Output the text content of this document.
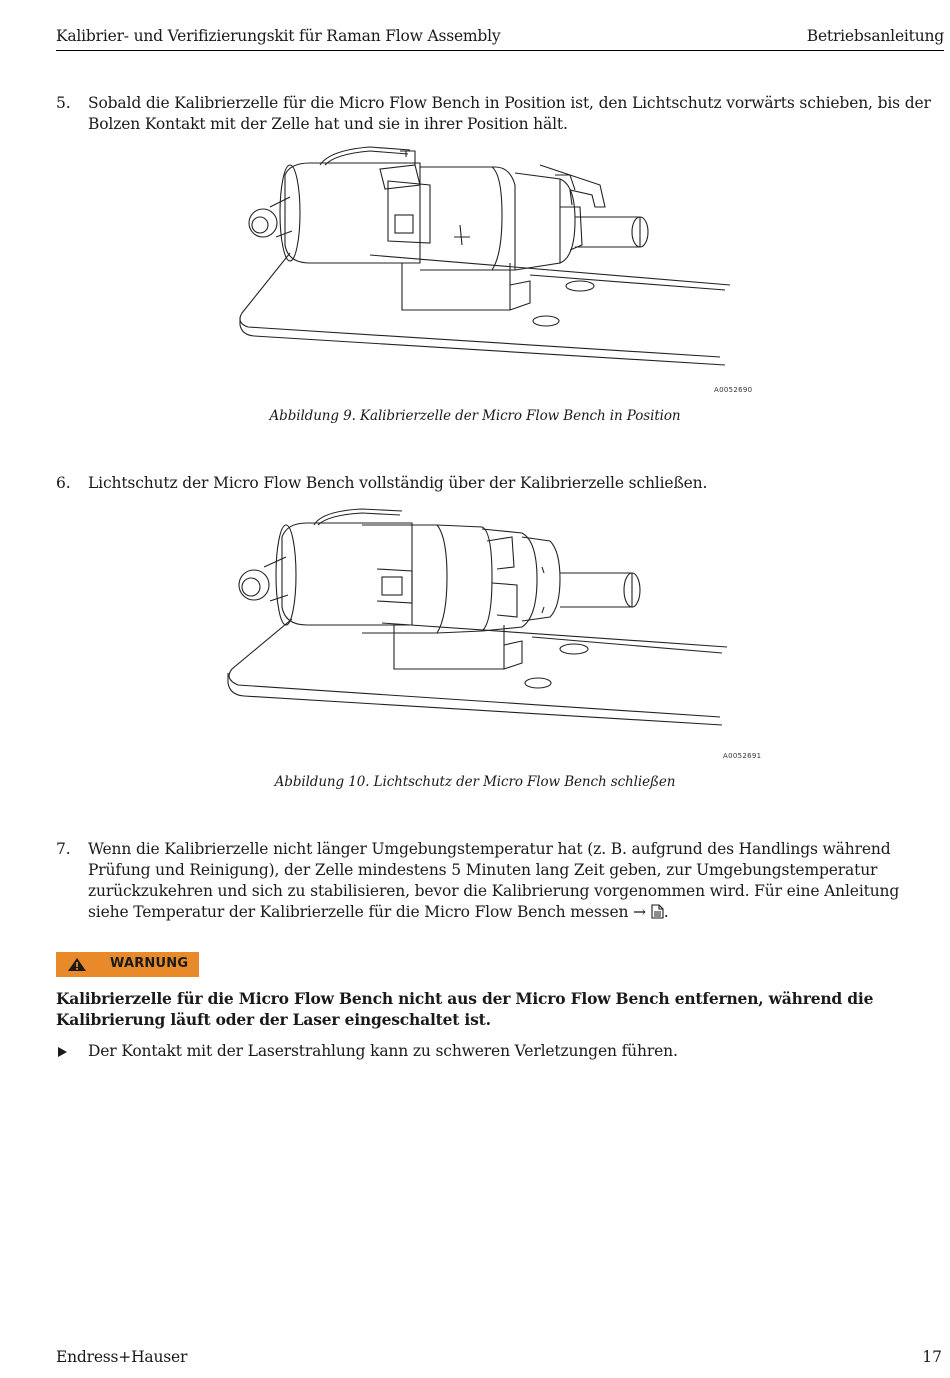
Kalibrier- und Verifizierungskit für Raman Flow Assembly	Betriebsanleitung
5. Sobald die Kalibrierzelle für die Micro Flow Bench in Position ist, den Lichtschutz vorwärts schieben, bis der Bolzen Kontakt mit der Zelle hat und sie in ihrer Position hält.
A0052690
Abbildung 9. Kalibrierzelle der Micro Flow Bench in Position
6. Lichtschutz der Micro Flow Bench vollständig über der Kalibrierzelle schließen.
A0052691
Abbildung 10. Lichtschutz der Micro Flow Bench schließen
7. Wenn die Kalibrierzelle nicht länger Umgebungstemperatur hat (z. B. aufgrund des Handlings während Prüfung und Reinigung), der Zelle mindestens 5 Minuten lang Zeit geben, zur Umgebungstemperatur zurückzukehren und sich zu stabilisieren, bevor die Kalibrierung vorgenommen wird. Für eine Anleitung siehe Temperatur der Kalibrierzelle für die Micro Flow Bench messen → .
WARNUNG
Kalibrierzelle für die Micro Flow Bench nicht aus der Micro Flow Bench entfernen, während die Kalibrierung läuft oder der Laser eingeschaltet ist.
Der Kontakt mit der Laserstrahlung kann zu schweren Verletzungen führen.
Endress+Hauser	17
